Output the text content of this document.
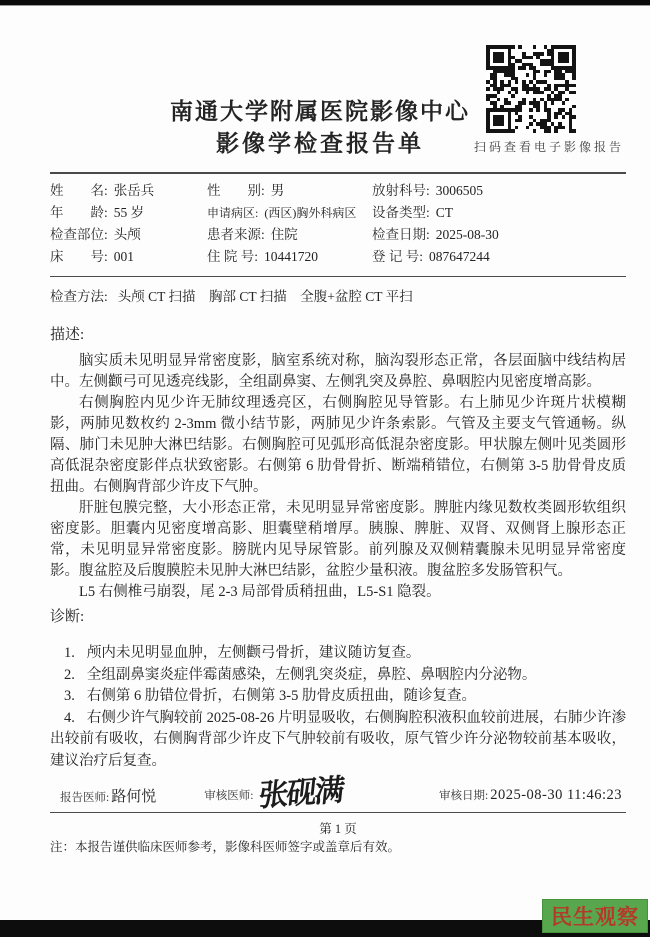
南通大学附属医院影像中心
影像学检查报告单
姓　　名: 张岳兵	性　　别: 男	放射科号: 3006505
年　　龄: 55 岁	申请病区: (西区)胸外科病区	设备类型: CT
检查部位: 头颅	患者来源: 住院	检查日期: 2025-08-30
床　　号: 001	住 院 号: 10441720	登 记 号: 087647244
检查方法: 头颅 CT 扫描　胸部 CT 扫描　全腹+盆腔 CT 平扫
描述:

脑实质未见明显异常密度影，脑室系统对称，脑沟裂形态正常，各层面脑中线结构居中。左侧颧弓可见透亮线影，全组副鼻窦、左侧乳突及鼻腔、鼻咽腔内见密度增高影。

右侧胸腔内见少许无肺纹理透亮区，右侧胸腔见导管影。右上肺见少许斑片状模糊影，两肺见数枚约 2-3mm 微小结节影，两肺见少许条索影。气管及主要支气管通畅。纵隔、肺门未见肿大淋巴结影。右侧胸腔可见弧形高低混杂密度影。甲状腺左侧叶见类圆形高低混杂密度影伴点状致密影。右侧第 6 肋骨骨折、断端稍错位，右侧第 3-5 肋骨骨皮质扭曲。右侧胸背部少许皮下气肿。

肝脏包膜完整，大小形态正常，未见明显异常密度影。脾脏内缘见数枚类圆形软组织密度影。胆囊内见密度增高影、胆囊壁稍增厚。胰腺、脾脏、双肾、双侧肾上腺形态正常，未见明显异常密度影。膀胱内见导尿管影。前列腺及双侧精囊腺未见明显异常密度影。腹盆腔及后腹膜腔未见肿大淋巴结影，盆腔少量积液。腹盆腔多发肠管积气。

L5 右侧椎弓崩裂，尾 2-3 局部骨质稍扭曲，L5-S1 隐裂。

诊断:

1. 颅内未见明显血肿，左侧颧弓骨折，建议随访复查。

2. 全组副鼻窦炎症伴霉菌感染，左侧乳突炎症，鼻腔、鼻咽腔内分泌物。

3. 右侧第 6 肋错位骨折，右侧第 3-5 肋骨皮质扭曲，随诊复查。

4. 右侧少许气胸较前 2025-08-26 片明显吸收，右侧胸腔积液积血较前进展，右肺少许渗出较前有吸收，右侧胸背部少许皮下气肿较前有吸收，原气管少许分泌物较前基本吸收，建议治疗后复查。

报告医师: 路何悦	审核医师: 张砚满	审核日期: 2025-08-30 11:46:23
第 1 页
注：本报告谨供临床医师参考，影像科医师签字或盖章后有效。
扫码查看电子影像报告
民生观察
